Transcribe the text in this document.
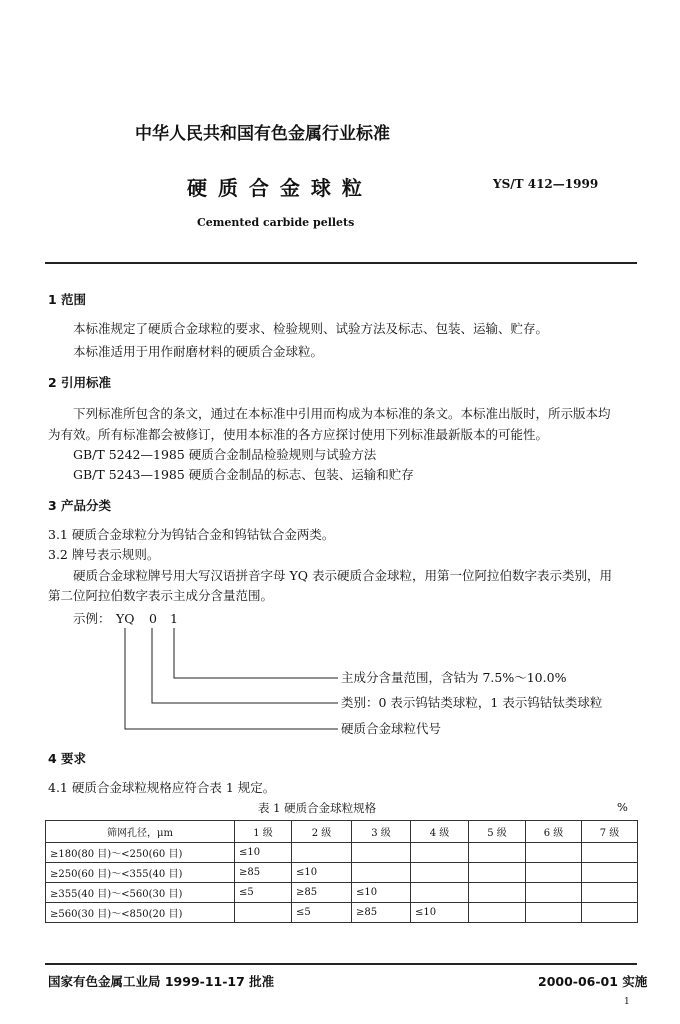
中华人民共和国有色金属行业标准
硬 质 合 金 球 粒	YS/T 412—1999
Cemented carbide pellets
1 范围
本标准规定了硬质合金球粒的要求、检验规则、试验方法及标志、包装、运输、贮存。
本标准适用于用作耐磨材料的硬质合金球粒。
2 引用标准
下列标准所包含的条文，通过在本标准中引用而构成为本标准的条文。本标准出版时，所示版本均
为有效。所有标准都会被修订，使用本标准的各方应探讨使用下列标准最新版本的可能性。
GB/T 5242—1985 硬质合金制品检验规则与试验方法
GB/T 5243—1985 硬质合金制品的标志、包装、运输和贮存
3 产品分类
3.1 硬质合金球粒分为钨钴合金和钨钴钛合金两类。
3.2 牌号表示规则。
硬质合金球粒牌号用大写汉语拼音字母 YQ 表示硬质合金球粒，用第一位阿拉伯数字表示类别，用
第二位阿拉伯数字表示主成分含量范围。
示例： YQ 0 1
主成分含量范围，含钴为 7.5%～10.0%
类别：0 表示钨钴类球粒，1 表示钨钴钛类球粒
硬质合金球粒代号
4 要求
4.1 硬质合金球粒规格应符合表 1 规定。
表 1 硬质合金球粒规格	%
筛网孔径，μm	1 级	2 级	3 级	4 级	5 级	6 级	7 级
≥180(80 目)～<250(60 目)	≤10						
≥250(60 目)～<355(40 目)	≥85	≤10					
≥355(40 目)～<560(30 目)	≤5	≥85	≤10				
≥560(30 目)～<850(20 目)		≤5	≥85	≤10			
国家有色金属工业局 1999-11-17 批准	2000-06-01 实施
1
